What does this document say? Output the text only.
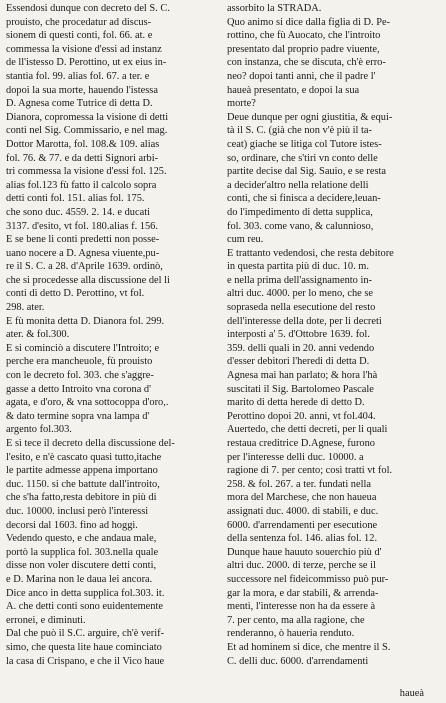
Essendosi dunque con decreto del S. C.
prouisto, che procedatur ad discus-
sionem di questi conti, fol. 66. at. e
commessa la visione d'essi ad instanz
de ll'istesso D. Perottino, ut ex eius in-
stantia fol. 99. alias fol. 67. a ter. e
dopoi la sua morte, hauendo l'istessa
D. Agnesa come Tutrice di detta D.
Dianora, copromessa la visione di detti
conti nel Sig. Commissario, e nel mag.
Dottor Marotta, fol. 108.& 109. alias
fol. 76. & 77. e da detti Signori arbi-
tri commessa la visione d'essi fol. 125.
alias fol.123 fù fatto il calcolo sopra
detti conti fol. 151. alias fol. 175.
che sono duc. 4559. 2. 14. e ducati
3137. d'esito, vt fol. 180.alias f. 156.
E se bene li conti predetti non posse-
uano nocere a D. Agnesa viuente,pu-
re il S. C. a 28. d'Aprile 1639. ordinò,
che si procedesse alla discussione del li
conti di detto D. Perottino, vt fol.
298. ater.
E fù monita detta D. Dianora fol. 299.
ater. & fol.300.
E si cominciò a discutere l'Introito; e
perche era mancheuole, fù prouisto
con le decreto fol. 303. che s'aggre-
gasse a detto Introito vna corona d'
agata, e d'oro, & vna sottocoppa d'oro,.
& dato termine sopra vna lampa d'
argento fol.303.
E sì tece il decreto della discussione del-
l'esito, e n'è cascato quasi tutto,itache
le partite admesse appena importano
duc. 1150. si che battute dall'introito,
che s'ha fatto,resta debitore in più di
duc. 10000. inclusi però l'interessi
decorsi dal 1603. fino ad hoggi.
Vedendo questo, e che andaua male,
portò la supplica fol. 303.nella quale
disse non voler discutere detti conti,
e D. Marina non le daua lei ancora.
Dice anco in detta supplica fol.303. it.
A. che detti conti sono euidentemente
erronei, e diminuti.
Dal che può il S.C. arguire, ch'è verif-
simo, che questa lite haue cominciato
la casa di Crispano, e che il Vico haue
assorbito la STRADA.
Quo animo si dice dalla figlia di D. Pe-
rottino, che fù Auocato, che l'introito
presentato dal proprio padre viuente,
con instanza, che se discuta, ch'è erro-
neo? dopoi tanti anni, che il padre l'
haueà presentato, e dopoi la sua
morte?
Deue dunque per ogni giustitia, & equi-
tà il S. C. (già che non v'è più il ta-
ceat) giache se litiga col Tutore istes-
so, ordinare, che s'tiri vn conto delle
partite decise dal Sig. Sauio, e se resta
a decider'altro nella relatione delli
conti, che si finisca a decidere,leuan-
do l'impedimento di detta supplica,
fol. 303. come vano, & calunnioso,
cum reu.
E trattanto vedendosi, che resta debitore
in questa partita più di duc. 10. m.
e nella prima dell'assignamento in-
altri duc. 4000. per lo meno, che se
sopraseda nella esecutione del resto
dell'interesse della dote, per li decreti
interposti a' 5. d'Ottobre 1639. fol.
359. delli quali in 20. anni vedendo
d'esser debitori l'heredi di detta D.
Agnesa mai han parlato; & hora l'hà
suscitati il Sig. Bartolomeo Pascale
marito di detta herede di detto D.
Perottino dopoi 20. anni, vt fol.404.
Auertedo, che detti decreti, per li quali
restaua creditrice D.Agnese, furono
per l'interesse delli duc. 10000. a
ragione di 7. per cento; così tratti vt fol.
258. & fol. 267. a ter. fundati nella
mora del Marchese, che non haueua
assignati duc. 4000. di stabili, e duc.
6000. d'arrendamenti per esecutione
della sentenza fol. 146. alias fol. 12.
Dunque haue hauuto souerchio più d'
altri duc. 2000. di terze, perche se il
successore nel fideicommisso può pur-
gar la mora, e dar stabili, & arrenda-
menti, l'interesse non ha da essere à
7. per cento, ma alla ragione, che
renderanno, ò haueria renduto.
Et ad hominem si dice, che mentre il S.
C. delli duc. 6000. d'arrendamenti
haueà
